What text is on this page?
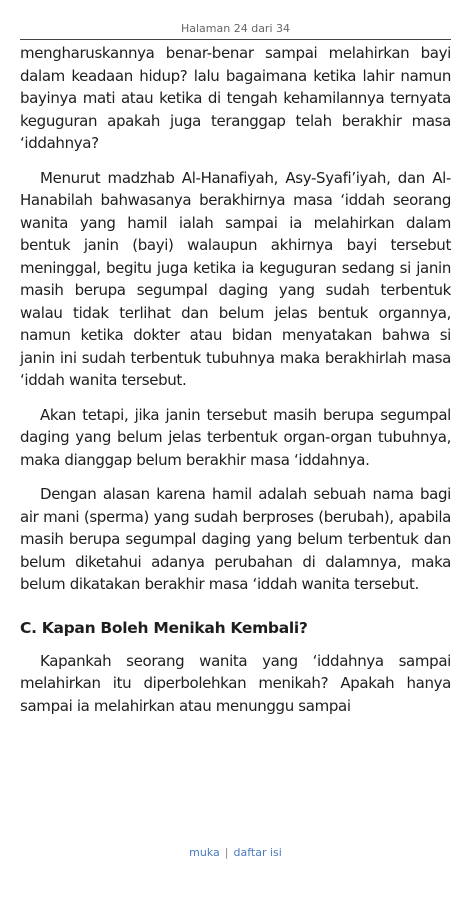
Halaman 24 dari 34

mengharuskannya benar-benar sampai melahirkan bayi dalam keadaan hidup? lalu bagaimana ketika lahir namun bayinya mati atau ketika di tengah kehamilannya ternyata keguguran apakah juga teranggap telah berakhir masa ‘iddahnya?

Menurut madzhab Al-Hanafiyah, Asy-Syafi’iyah, dan Al-Hanabilah bahwasanya berakhirnya masa ‘iddah seorang wanita yang hamil ialah sampai ia melahirkan dalam bentuk janin (bayi) walaupun akhirnya bayi tersebut meninggal, begitu juga ketika ia keguguran sedang si janin masih berupa segumpal daging yang sudah terbentuk walau tidak terlihat dan belum jelas bentuk organnya, namun ketika dokter atau bidan menyatakan bahwa si janin ini sudah terbentuk tubuhnya maka berakhirlah masa ‘iddah wanita tersebut.

Akan tetapi, jika janin tersebut masih berupa segumpal daging yang belum jelas terbentuk organ-organ tubuhnya, maka dianggap belum berakhir masa ‘iddahnya.

Dengan alasan karena hamil adalah sebuah nama bagi air mani (sperma) yang sudah berproses (berubah), apabila masih berupa segumpal daging yang belum terbentuk dan belum diketahui adanya perubahan di dalamnya, maka belum dikatakan berakhir masa ‘iddah wanita tersebut.

C. Kapan Boleh Menikah Kembali?

Kapankah seorang wanita yang ‘iddahnya sampai melahirkan itu diperbolehkan menikah? Apakah hanya sampai ia melahirkan atau menunggu sampai

muka | daftar isi
